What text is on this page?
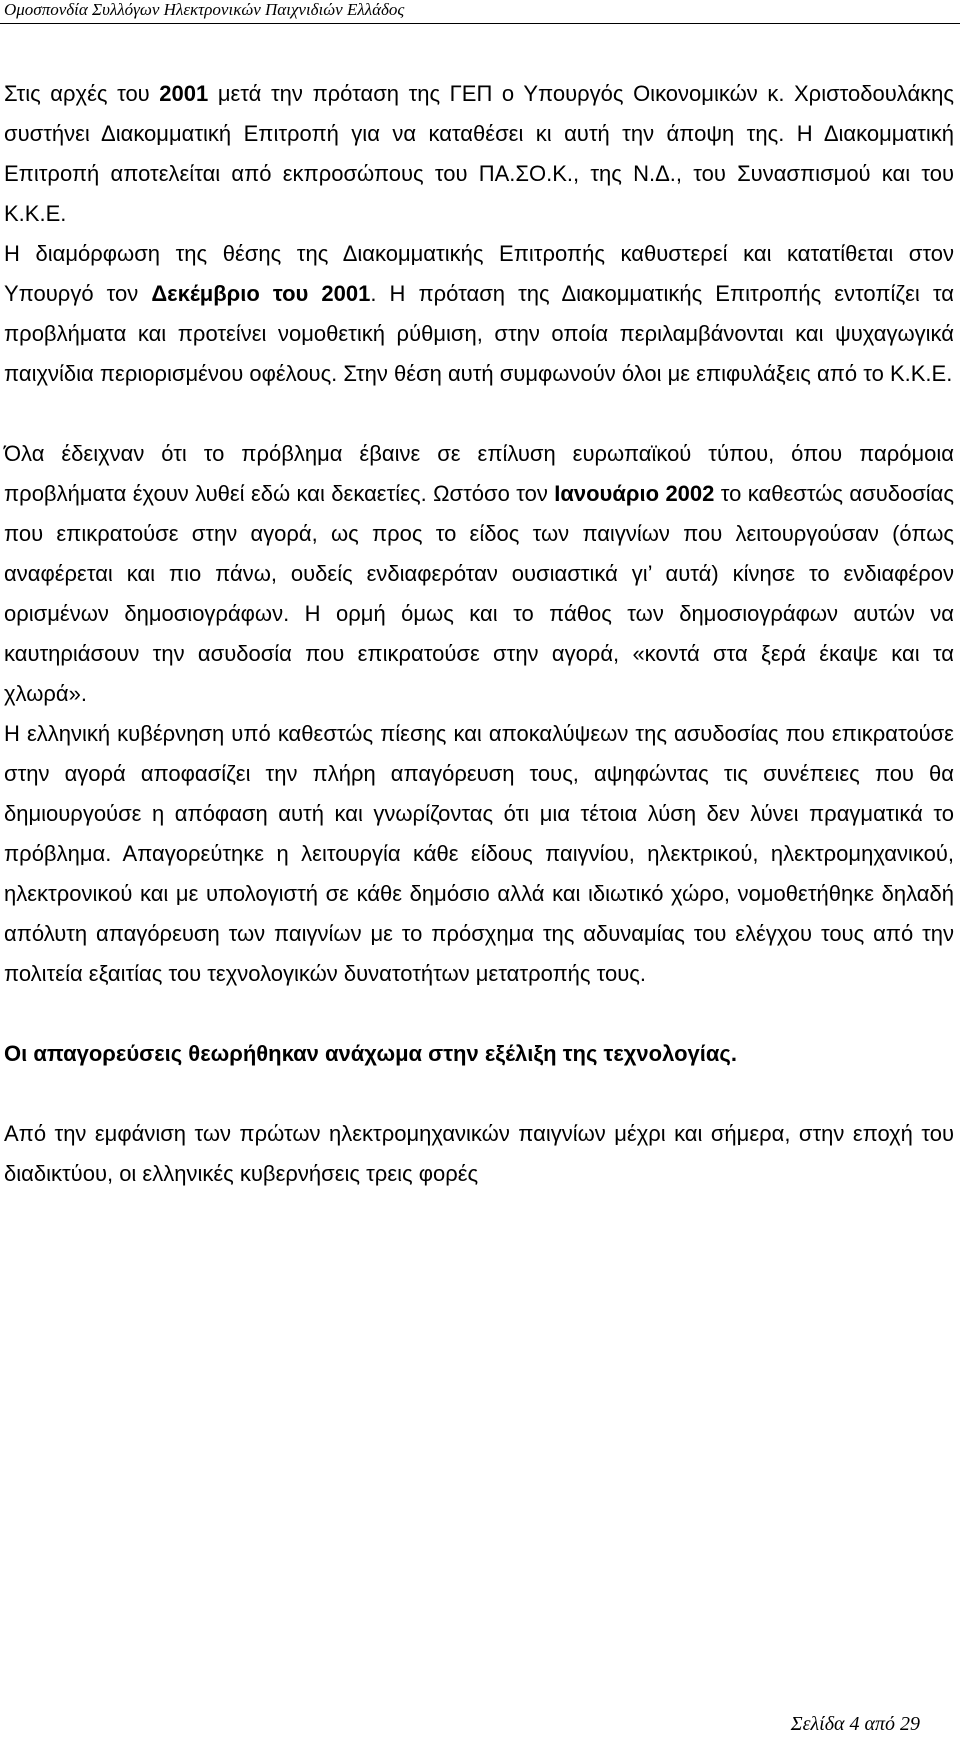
Ομοσπονδία Συλλόγων Ηλεκτρονικών Παιχνιδιών Ελλάδος

Στις αρχές του 2001 μετά την πρόταση της ΓΕΠ ο Υπουργός Οικονομικών κ. Χριστοδουλάκης συστήνει Διακομματική Επιτροπή για να καταθέσει κι αυτή την άποψη της. Η Διακομματική Επιτροπή αποτελείται από εκπροσώπους του ΠΑ.ΣΟ.Κ., της Ν.Δ., του Συνασπισμού και του Κ.Κ.Ε.

Η διαμόρφωση της θέσης της Διακομματικής Επιτροπής καθυστερεί και κατατίθεται στον Υπουργό τον Δεκέμβριο του 2001. Η πρόταση της Διακομματικής Επιτροπής εντοπίζει τα προβλήματα και προτείνει νομοθετική ρύθμιση, στην οποία περιλαμβάνονται και ψυχαγωγικά παιχνίδια περιορισμένου οφέλους. Στην θέση αυτή συμφωνούν όλοι με επιφυλάξεις από το Κ.Κ.Ε.

Όλα έδειχναν ότι το πρόβλημα έβαινε σε επίλυση ευρωπαϊκού τύπου, όπου παρόμοια προβλήματα έχουν λυθεί εδώ και δεκαετίες. Ωστόσο τον Ιανουάριο 2002 το καθεστώς ασυδοσίας που επικρατούσε στην αγορά, ως προς το είδος των παιγνίων που λειτουργούσαν (όπως αναφέρεται και πιο πάνω, ουδείς ενδιαφερόταν ουσιαστικά γι’ αυτά) κίνησε το ενδιαφέρον ορισμένων δημοσιογράφων. Η ορμή όμως και το πάθος των δημοσιογράφων αυτών να καυτηριάσουν την ασυδοσία που επικρατούσε στην αγορά, «κοντά στα ξερά έκαψε και τα χλωρά».

Η ελληνική κυβέρνηση υπό καθεστώς πίεσης και αποκαλύψεων της ασυδοσίας που επικρατούσε στην αγορά αποφασίζει την πλήρη απαγόρευση τους, αψηφώντας τις συνέπειες που θα δημιουργούσε η απόφαση αυτή και γνωρίζοντας ότι μια τέτοια λύση δεν λύνει πραγματικά το πρόβλημα. Απαγορεύτηκε η λειτουργία κάθε είδους παιγνίου, ηλεκτρικού, ηλεκτρομηχανικού, ηλεκτρονικού και με υπολογιστή σε κάθε δημόσιο αλλά και ιδιωτικό χώρο, νομοθετήθηκε δηλαδή απόλυτη απαγόρευση των παιγνίων με το πρόσχημα της αδυναμίας του ελέγχου τους από την πολιτεία εξαιτίας του τεχνολογικών δυνατοτήτων μετατροπής τους.

Οι απαγορεύσεις θεωρήθηκαν ανάχωμα στην εξέλιξη της τεχνολογίας.

Από την εμφάνιση των πρώτων ηλεκτρομηχανικών παιγνίων μέχρι και σήμερα, στην εποχή του διαδικτύου, οι ελληνικές κυβερνήσεις τρεις φορές

Σελίδα 4 από 29
